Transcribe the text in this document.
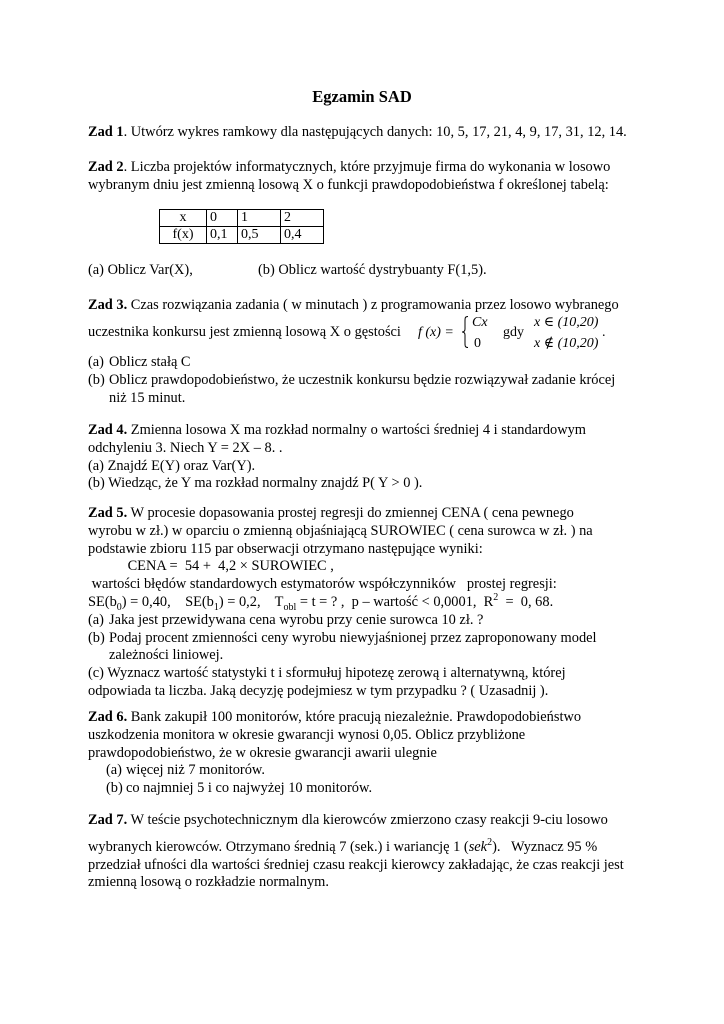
Egzamin SAD
Zad 1. Utwórz wykres ramkowy dla następujących danych: 10, 5, 17, 21, 4, 9, 17, 31, 12, 14.
Zad 2. Liczba projektów informatycznych, które przyjmuje firma do wykonania w losowo
wybranym dniu jest zmienną losową X o funkcji prawdopodobieństwa f określonej tabelą:
x	0	1	2
f(x)	0,1	0,5	0,4
(a) Oblicz Var(X),	(b) Oblicz wartość dystrybuanty F(1,5).
Zad 3. Czas rozwiązania zadania ( w minutach ) z programowania przez losowo wybranego
uczestnika konkursu jest zmienną losową X o gęstości	f (x) =
Cx
gdy
x ∈ (10,20)
0	x ∉ (10,20)
.
(a) Oblicz stałą C
(b) Oblicz prawdopodobieństwo, że uczestnik konkursu będzie rozwiązywał zadanie krócej
niż 15 minut.
Zad 4. Zmienna losowa X ma rozkład normalny o wartości średniej 4 i standardowym
odchyleniu 3. Niech Y = 2X – 8. .
(a) Znajdź E(Y) oraz Var(Y).
(b) Wiedząc, że Y ma rozkład normalny znajdź P( Y > 0 ).
Zad 5. W procesie dopasowania prostej regresji do zmiennej CENA ( cena pewnego
wyrobu w zł.) w oparciu o zmienną objaśniającą SUROWIEC ( cena surowca w zł. ) na
podstawie zbioru 115 par obserwacji otrzymano następujące wyniki:
CENA =  54 +  4,2 × SUROWIEC ,
wartości błędów standardowych estymatorów współczynników   prostej regresji:
$SE(b_0) = 0,40$,    $SE(b_1) = 0,2$,    $T_{obl} = t$ = ? ,  p – wartość < 0,0001,  $R^2 = 0$, 68.
(a) Jaka jest przewidywana cena wyrobu przy cenie surowca 10 zł. ?
(b) Podaj procent zmienności ceny wyrobu niewyjaśnionej przez zaproponowany model
zależności liniowej.
(c) Wyznacz wartość statystyki t i sformułuj hipotezę zerową i alternatywną, której
odpowiada ta liczba. Jaką decyzję podejmiesz w tym przypadku ? ( Uzasadnij ).
Zad 6. Bank zakupił 100 monitorów, które pracują niezależnie. Prawdopodobieństwo
uszkodzenia monitora w okresie gwarancji wynosi 0,05. Oblicz przybliżone
prawdopodobieństwo, że w okresie gwarancji awarii ulegnie
(a) więcej niż 7 monitorów.
(b) co najmniej 5 i co najwyżej 10 monitorów.
Zad 7. W teście psychotechnicznym dla kierowców zmierzono czasy reakcji 9-ciu losowo
wybranych kierowców. Otrzymano średnią 7 (sek.) i wariancję 1 (sek$^2$).   Wyznacz 95 %
przedział ufności dla wartości średniej czasu reakcji kierowcy zakładając, że czas reakcji jest
zmienną losową o rozkładzie normalnym.
